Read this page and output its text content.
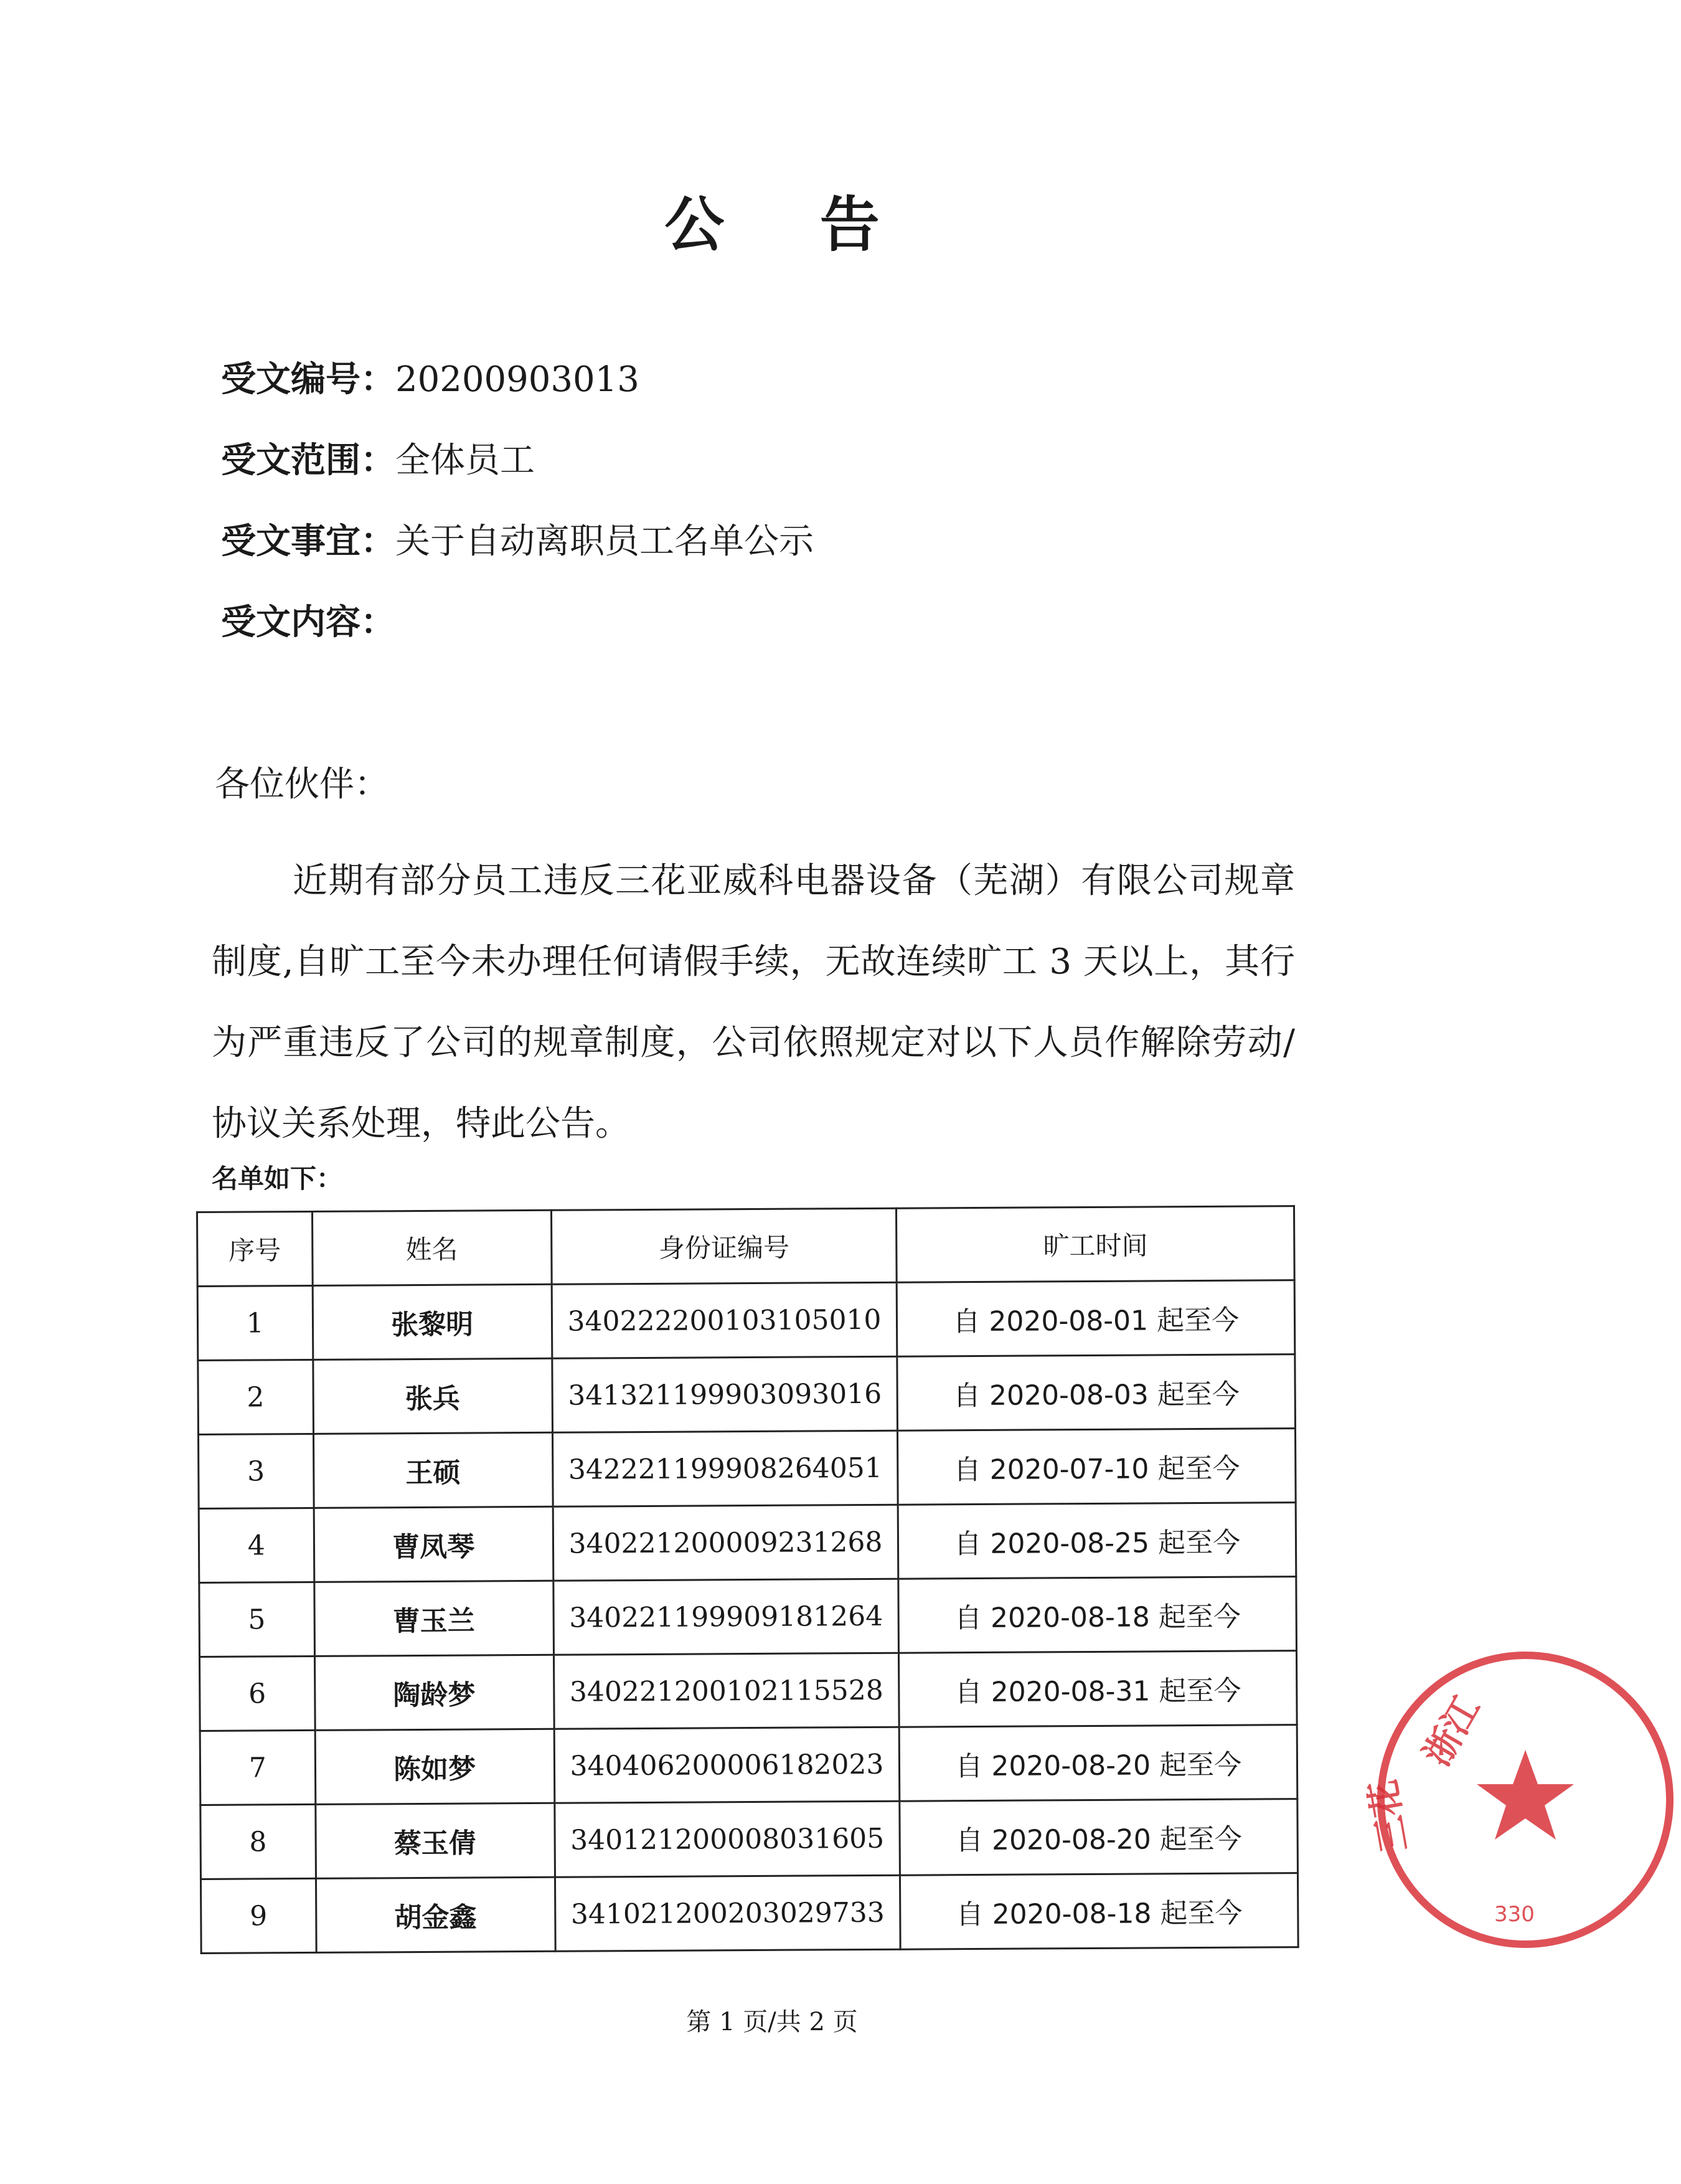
公 告
受文编号：20200903013
受文范围：全体员工
受文事宜：关于自动离职员工名单公示
受文内容：
各位伙伴：
近期有部分员工违反三花亚威科电器设备（芜湖）有限公司规章制度,自旷工至今未办理任何请假手续，无故连续旷工 3 天以上，其行为严重违反了公司的规章制度，公司依照规定对以下人员作解除劳动/协议关系处理，特此公告。
名单如下：
序号	姓名	身份证编号	旷工时间
1	张黎明	340222200103105010	自 2020-08-01 起至今
2	张兵	341321199903093016	自 2020-08-03 起至今
3	王硕	342221199908264051	自 2020-07-10 起至今
4	曹凤琴	340221200009231268	自 2020-08-25 起至今
5	曹玉兰	340221199909181264	自 2020-08-18 起至今
6	陶龄梦	340221200102115528	自 2020-08-31 起至今
7	陈如梦	340406200006182023	自 2020-08-20 起至今
8	蔡玉倩	340121200008031605	自 2020-08-20 起至今
9	胡金鑫	341021200203029733	自 2020-08-18 起至今
第 1 页/共 2 页
浙江
三花
330
